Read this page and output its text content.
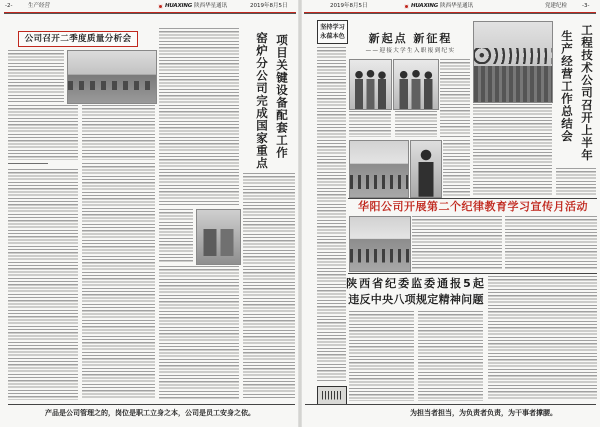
-2-	生产经营	HUAXING 陕西华星通讯	2019年8月5日	2019年8月5日	HUAXING 陕西华星通讯	党建纪检	-3-
公司召开二季度质量分析会	窑炉分公司完成国家重点 项目关键设备配套工作
产品是公司管理之的，岗位是职工立身之本，公司是员工安身之依。
坚持学习
永葆本色	新起点 新征程
——迎接大学生入职报到纪实	工程技术公司召开上半年
生产经营工作总结会
华阳公司开展第二个纪律教育学习宣传月活动
陕西省纪委监委通报5起
违反中央八项规定精神问题
为担当者担当，为负责者负责，为干事者撑腰。
